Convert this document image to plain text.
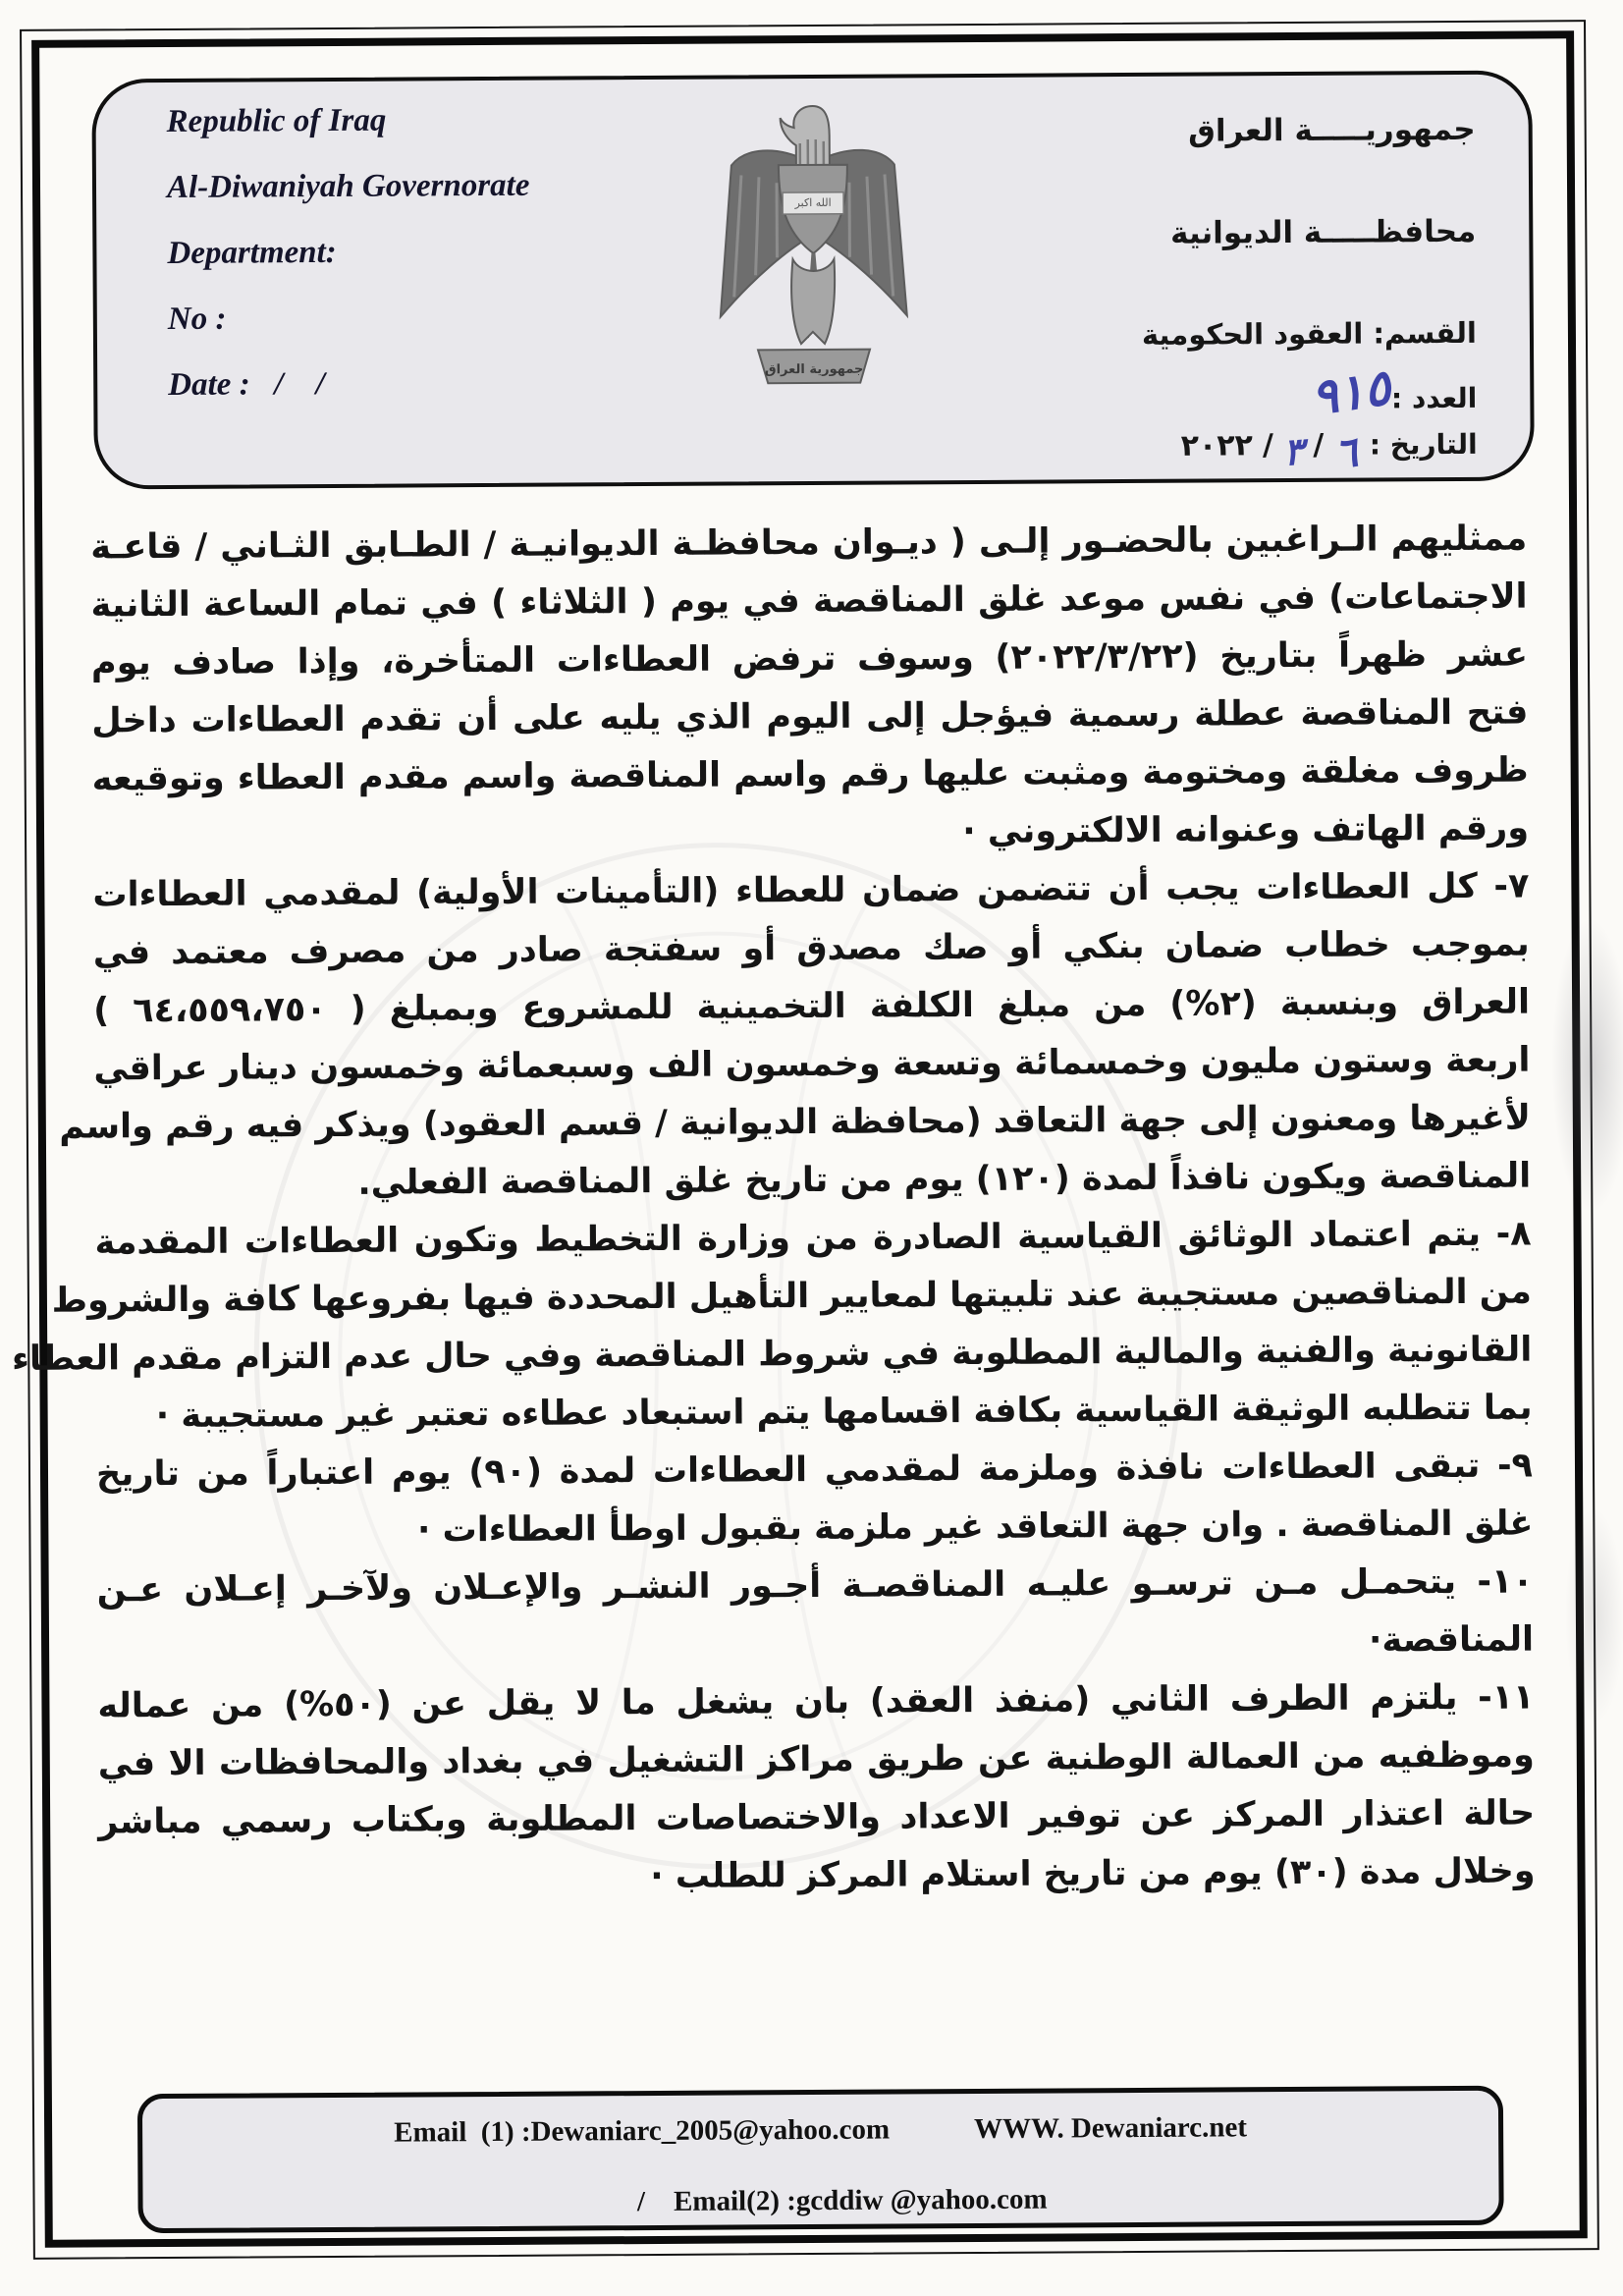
Republic of Iraq
Al-Diwaniyah Governorate
Department:
No :
Date :   /    /
الله اكبر
جمهورية العراق
جمهوريـــــة العراق
محافظـــــة الديوانية
القسم: العقود الحكومية
العدد :
٩١٥
التاريخ :
٦
/
٣
/
٢٠٢٢
ممثليهم الـراغبين بالحضـور إلـى ( ديـوان محافظـة الديوانيـة / الطـابق الثـاني / قاعـة
الاجتماعات) في نفس موعد غلق المناقصة في يوم ( الثلاثاء ) في تمام الساعة الثانية
عشر ظهراً بتاريخ (٢٠٢٢/٣/٢٢) وسوف ترفض العطاءات المتأخرة، وإذا صادف يوم
فتح المناقصة عطلة رسمية فيؤجل إلى اليوم الذي يليه على أن تقدم العطاءات داخل
ظروف مغلقة ومختومة ومثبت عليها رقم واسم المناقصة واسم مقدم العطاء وتوقيعه
ورقم الهاتف وعنوانه الالكتروني ·
٧- كل العطاءات يجب أن تتضمن ضمان للعطاء (التأمينات الأولية) لمقدمي العطاءات
بموجب خطاب ضمان بنكي أو صك مصدق أو سفتجة صادر من مصرف معتمد في
العراق وبنسبة (٢%) من مبلغ الكلفة التخمينية للمشروع وبمبلغ ( ٦٤،٥٥٩،٧٥٠ )
اربعة وستون مليون وخمسمائة وتسعة وخمسون الف وسبعمائة وخمسون دينار عراقي
لأغيرها ومعنون إلى جهة التعاقد (محافظة الديوانية / قسم العقود) ويذكر فيه رقم واسم
المناقصة ويكون نافذاً لمدة (١٢٠) يوم من تاريخ غلق المناقصة الفعلي.
٨- يتم اعتماد الوثائق القياسية الصادرة من وزارة التخطيط وتكون العطاءات المقدمة
من المناقصين مستجيبة عند تلبيتها لمعايير التأهيل المحددة فيها بفروعها كافة والشروط
القانونية والفنية والمالية المطلوبة في شروط المناقصة وفي حال عدم التزام مقدم العطاء
بما تتطلبه الوثيقة القياسية بكافة اقسامها يتم استبعاد عطاءه تعتبر غير مستجيبة ·
٩- تبقى العطاءات نافذة وملزمة لمقدمي العطاءات لمدة (٩٠) يوم اعتباراً من تاريخ
غلق المناقصة . وان جهة التعاقد غير ملزمة بقبول اوطأ العطاءات ·
١٠- يتحمـل مـن ترسـو عليـه المناقصـة أجـور النشـر والإعـلان ولآخـر إعـلان عـن
المناقصة·
١١- يلتزم الطرف الثاني (منفذ العقد) بان يشغل ما لا يقل عن (٥٠%) من عماله
وموظفيه من العمالة الوطنية عن طريق مراكز التشغيل في بغداد والمحافظات الا في
حالة اعتذار المركز عن توفير الاعداد والاختصاصات المطلوبة وبكتاب رسمي مباشر
وخلال مدة (٣٠) يوم من تاريخ استلام المركز للطلب ·
Email  (1) :Dewaniarc_2005@yahoo.com	WWW. Dewaniarc.net

/    Email(2) :gcddiw @yahoo.com
